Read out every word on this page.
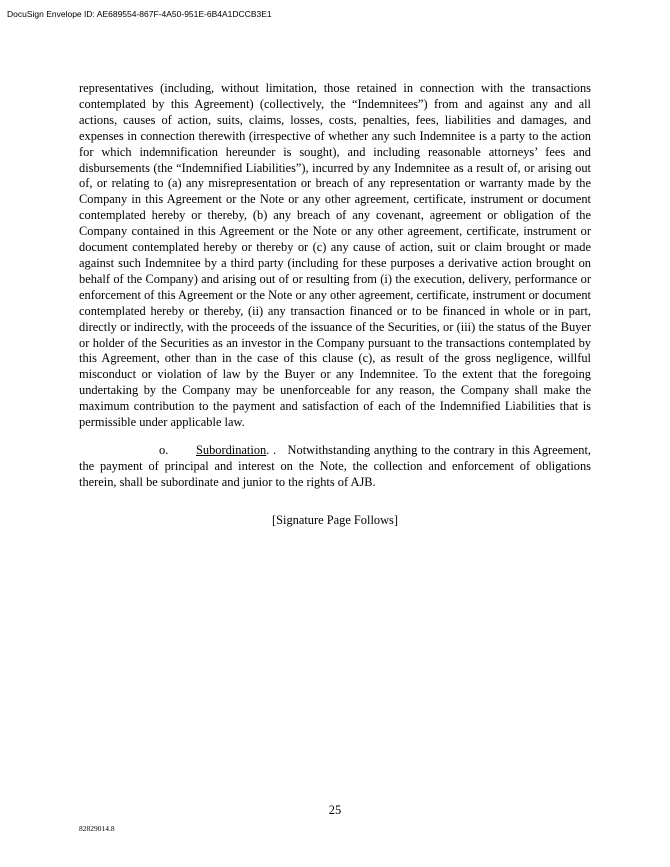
DocuSign Envelope ID: AE689554-867F-4A50-951E-6B4A1DCCB3E1

representatives (including, without limitation, those retained in connection with the transactions contemplated by this Agreement) (collectively, the “Indemnitees”) from and against any and all actions, causes of action, suits, claims, losses, costs, penalties, fees, liabilities and damages, and expenses in connection therewith (irrespective of whether any such Indemnitee is a party to the action for which indemnification hereunder is sought), and including reasonable attorneys’ fees and disbursements (the “Indemnified Liabilities”), incurred by any Indemnitee as a result of, or arising out of, or relating to (a) any misrepresentation or breach of any representation or warranty made by the Company in this Agreement or the Note or any other agreement, certificate, instrument or document contemplated hereby or thereby, (b) any breach of any covenant, agreement or obligation of the Company contained in this Agreement or the Note or any other agreement, certificate, instrument or document contemplated hereby or thereby or (c) any cause of action, suit or claim brought or made against such Indemnitee by a third party (including for these purposes a derivative action brought on behalf of the Company) and arising out of or resulting from (i) the execution, delivery, performance or enforcement of this Agreement or the Note or any other agreement, certificate, instrument or document contemplated hereby or thereby, (ii) any transaction financed or to be financed in whole or in part, directly or indirectly, with the proceeds of the issuance of the Securities, or (iii) the status of the Buyer or holder of the Securities as an investor in the Company pursuant to the transactions contemplated by this Agreement, other than in the case of this clause (c), as result of the gross negligence, willful misconduct or violation of law by the Buyer or any Indemnitee. To the extent that the foregoing undertaking by the Company may be unenforceable for any reason, the Company shall make the maximum contribution to the payment and satisfaction of each of the Indemnified Liabilities that is permissible under applicable law.

o. Subordination. . Notwithstanding anything to the contrary in this Agreement, the payment of principal and interest on the Note, the collection and enforcement of obligations therein, shall be subordinate and junior to the rights of AJB.

[Signature Page Follows]
25
82829014.8
